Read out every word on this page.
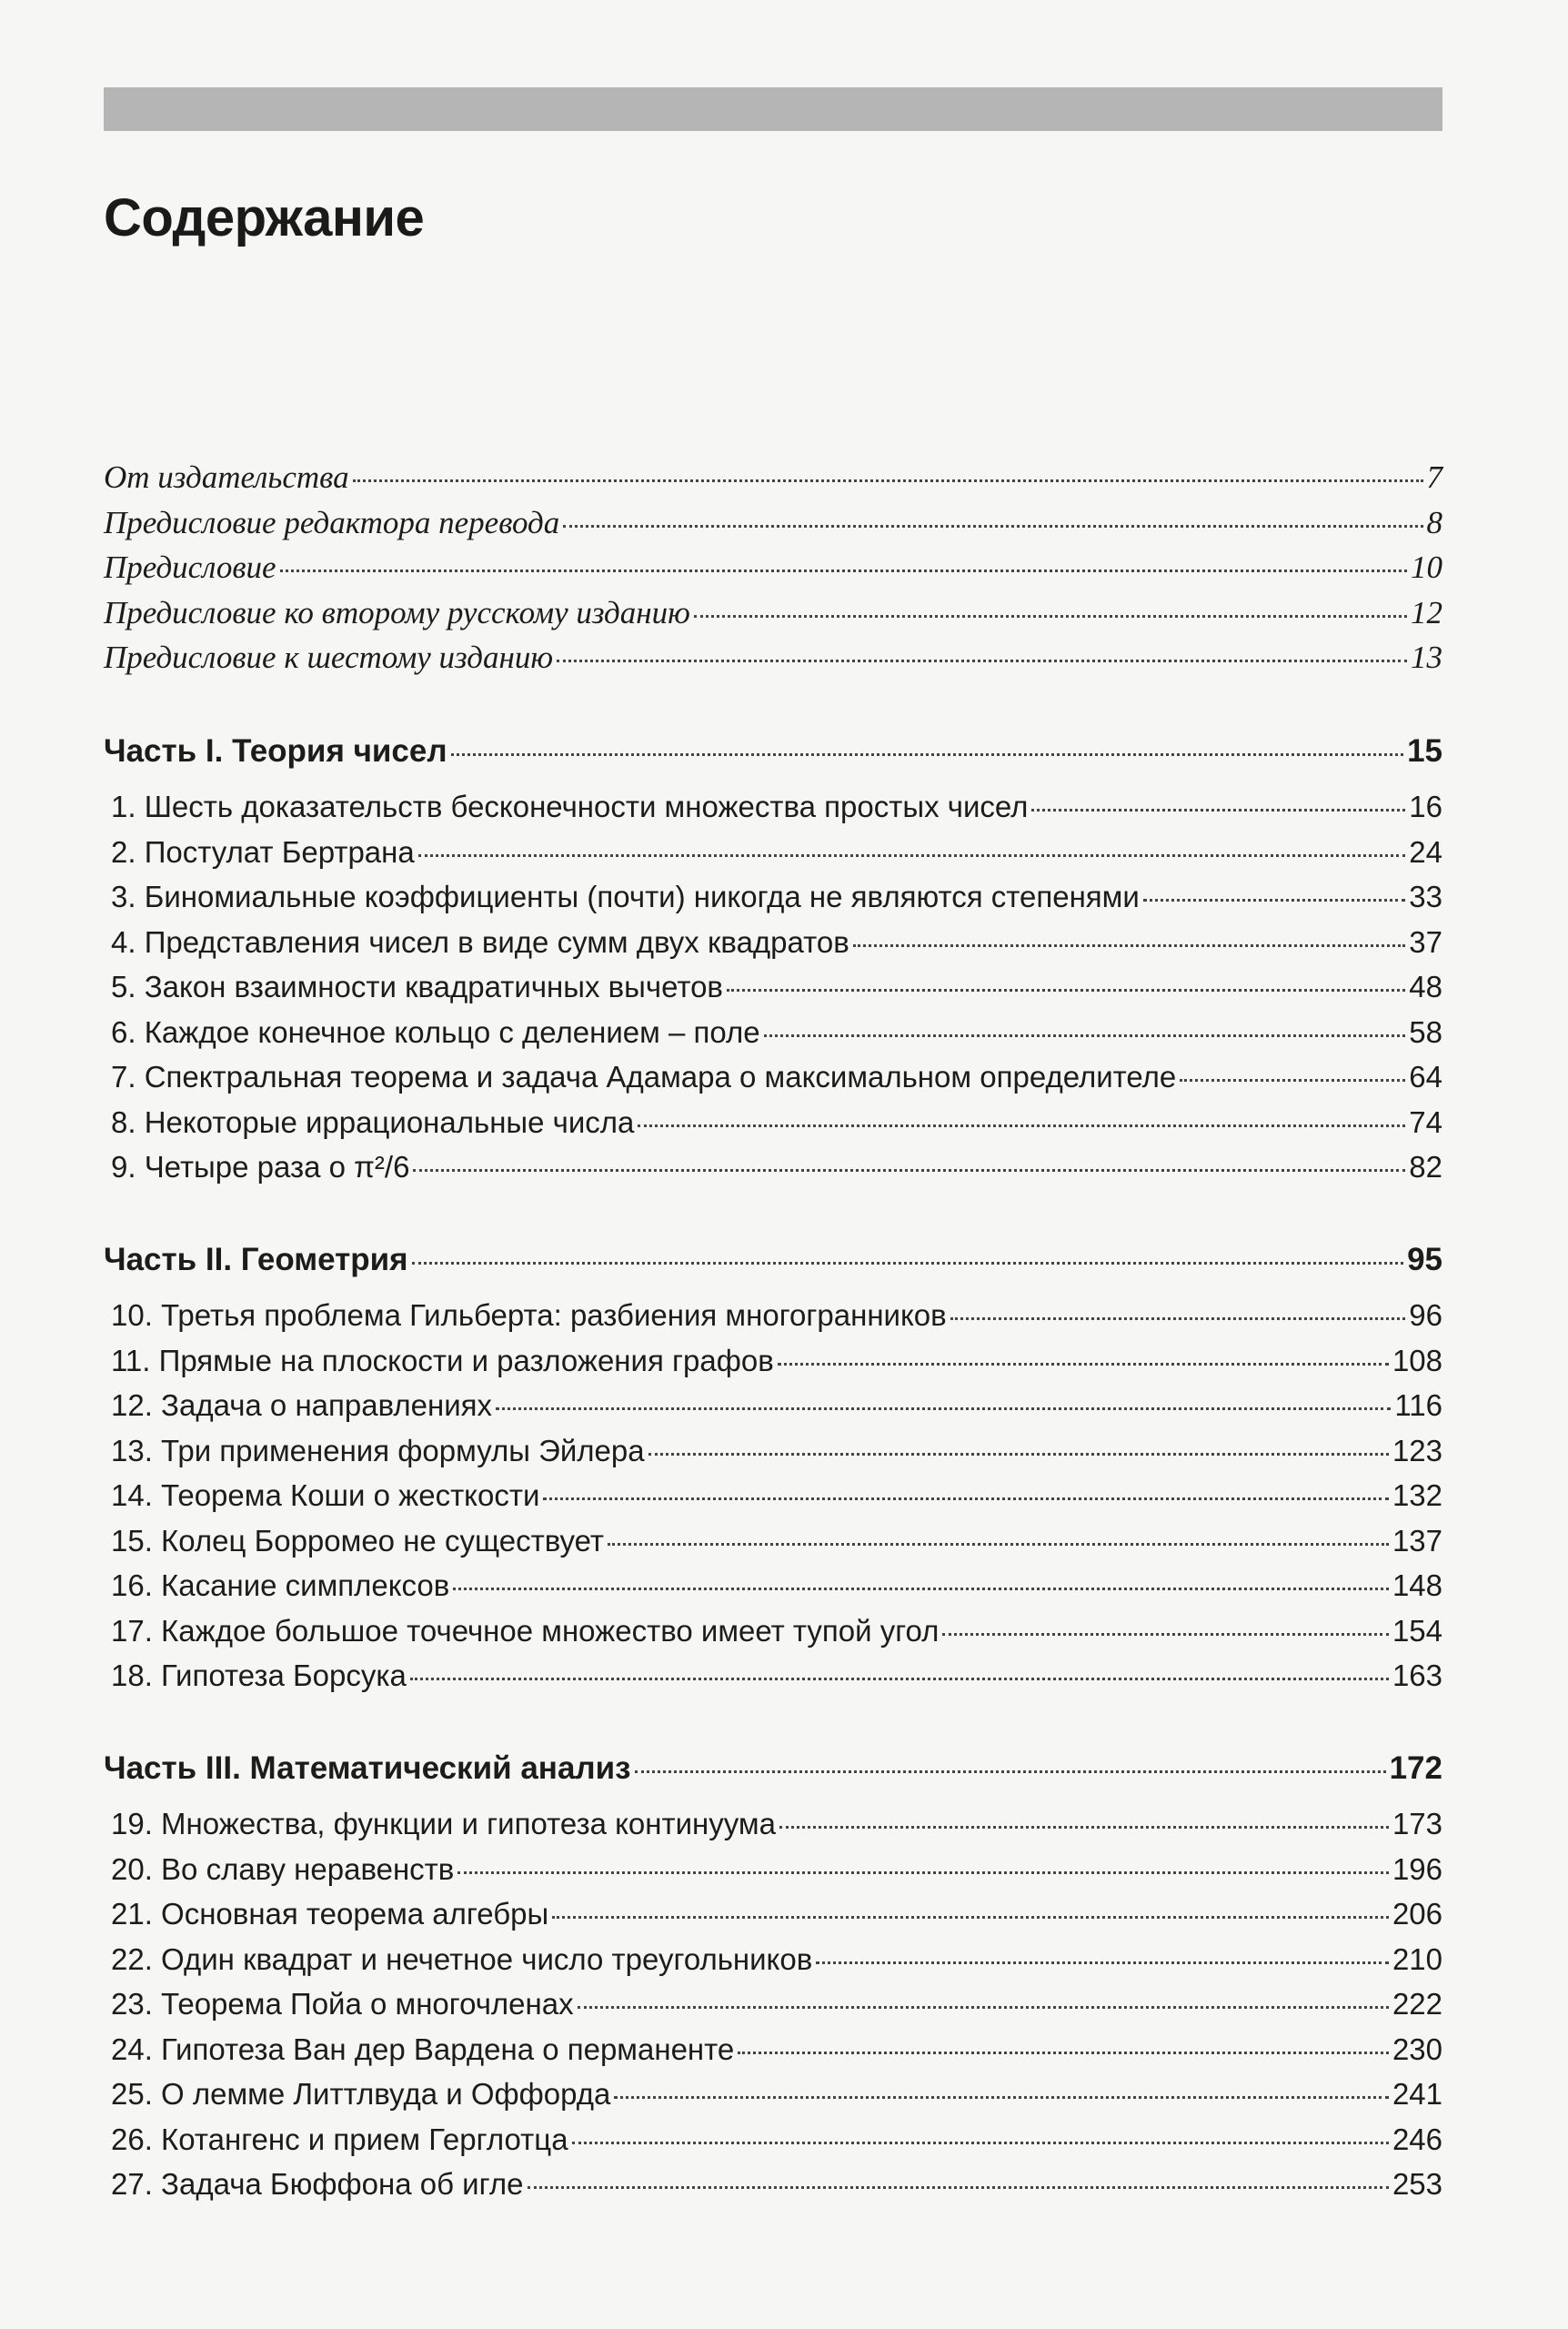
Содержание
От издательства	7
Предисловие редактора перевода	8
Предисловие	10
Предисловие ко второму русскому изданию	12
Предисловие к шестому изданию	13
Часть I. Теория чисел	15
1. Шесть доказательств бесконечности множества простых чисел	16
2. Постулат Бертрана	24
3. Биномиальные коэффициенты (почти) никогда не являются степенями	33
4. Представления чисел в виде сумм двух квадратов	37
5. Закон взаимности квадратичных вычетов	48
6. Каждое конечное кольцо с делением – поле	58
7. Спектральная теорема и задача Адамара о максимальном определителе	64
8. Некоторые иррациональные числа	74
9. Четыре раза о π²/6	82
Часть II. Геометрия	95
10. Третья проблема Гильберта: разбиения многогранников	96
11. Прямые на плоскости и разложения графов	108
12. Задача о направлениях	116
13. Три применения формулы Эйлера	123
14. Теорема Коши о жесткости	132
15. Колец Борромео не существует	137
16. Касание симплексов	148
17. Каждое большое точечное множество имеет тупой угол	154
18. Гипотеза Борсука	163
Часть III. Математический анализ	172
19. Множества, функции и гипотеза континуума	173
20. Во славу неравенств	196
21. Основная теорема алгебры	206
22. Один квадрат и нечетное число треугольников	210
23. Теорема Пойа о многочленах	222
24. Гипотеза Ван дер Вардена о перманенте	230
25. О лемме Литтлвуда и Оффорда	241
26. Котангенс и прием Герглотца	246
27. Задача Бюффона об игле	253
